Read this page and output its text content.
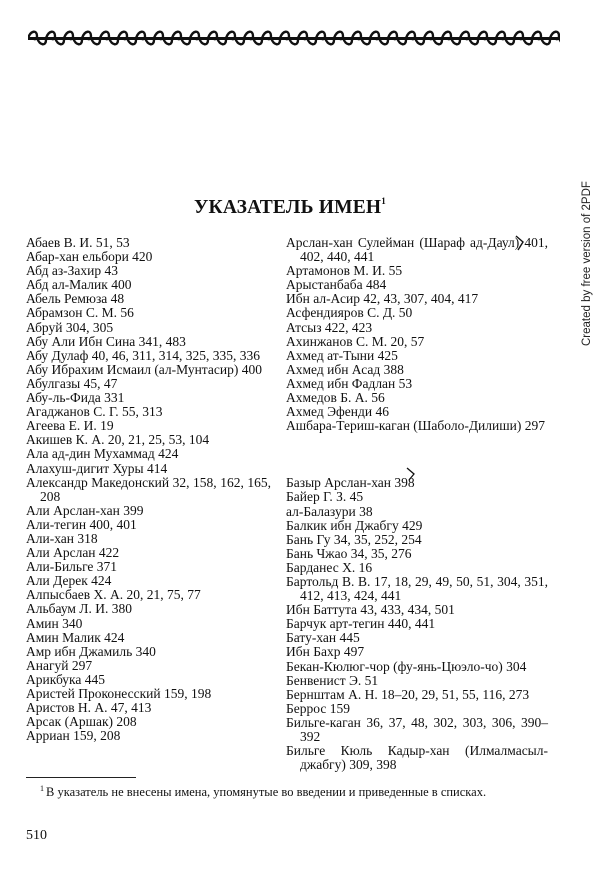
Created by free version of 2PDF
УКАЗАТЕЛЬ ИМЕН$^1$
Абаев В. И. 51, 53
Абар-хан ельбори 420
Абд аз-Захир 43
Абд ал-Малик 400
Абель Ремюза 48
Абрамзон С. М. 56
Абруй 304, 305
Абу Али Ибн Сина 341, 483
Абу Дулаф 40, 46, 311, 314, 325, 335, 336
Абу Ибрахим Исмаил (ал-Мунтасир) 400
Абулгазы 45, 47
Абу-ль-Фида 331
Агаджанов С. Г. 55, 313
Агеева Е. И. 19
Акишев К. А. 20, 21, 25, 53, 104
Ала ад-дин Мухаммад 424
Алахуш-дигит Хуры 414
Александр Македонский 32, 158, 162, 165, 208
Али Арслан-хан 399
Али-тегин 400, 401
Али-хан 318
Али Арслан 422
Али-Бильге 371
Али Дерек 424
Алпысбаев Х. А. 20, 21, 75, 77
Альбаум Л. И. 380
Амин 340
Амин Малик 424
Амр ибн Джамиль 340
Анагуй 297
Арикбука 445
Аристей Проконесский 159, 198
Аристов Н. А. 47, 413
Арсак (Аршак) 208
Арриан 159, 208
Арслан-хан Сулейман (Шараф ад-Даул) 401, 402, 440, 441
Артамонов М. И. 55
Арыстанбаба 484
Ибн ал-Асир 42, 43, 307, 404, 417
Асфендияров С. Д. 50
Атсыз 422, 423
Ахинжанов С. М. 20, 57
Ахмед ат-Тыни 425
Ахмед ибн Асад 388
Ахмед ибн Фадлан 53
Ахмедов Б. А. 56
Ахмед Эфенди 46
Ашбара-Териш-каган (Шаболо-Дилиши) 297
Базыр Арслан-хан 398
Байер Г. З. 45
ал-Балазури 38
Балкик ибн Джабгу 429
Бань Гу 34, 35, 252, 254
Бань Чжао 34, 35, 276
Барданес Х. 16
Бартольд В. В. 17, 18, 29, 49, 50, 51, 304, 351, 412, 413, 424, 441
Ибн Баттута 43, 433, 434, 501
Барчук арт-тегин 440, 441
Бату-хан 445
Ибн Бахр 497
Бекан-Кюлюг-чор (фу-янь-Цюэло-чо) 304
Бенвенист Э. 51
Бернштам А. Н. 18–20, 29, 51, 55, 116, 273
Беррос 159
Бильге-каган 36, 37, 48, 302, 303, 306, 390–392
Бильге Кюль Кадыр-хан (Илмалмасыл-джабгу) 309, 398
$^1$ В указатель не внесены имена, упомянутые во введении и приведенные в списках.
510
